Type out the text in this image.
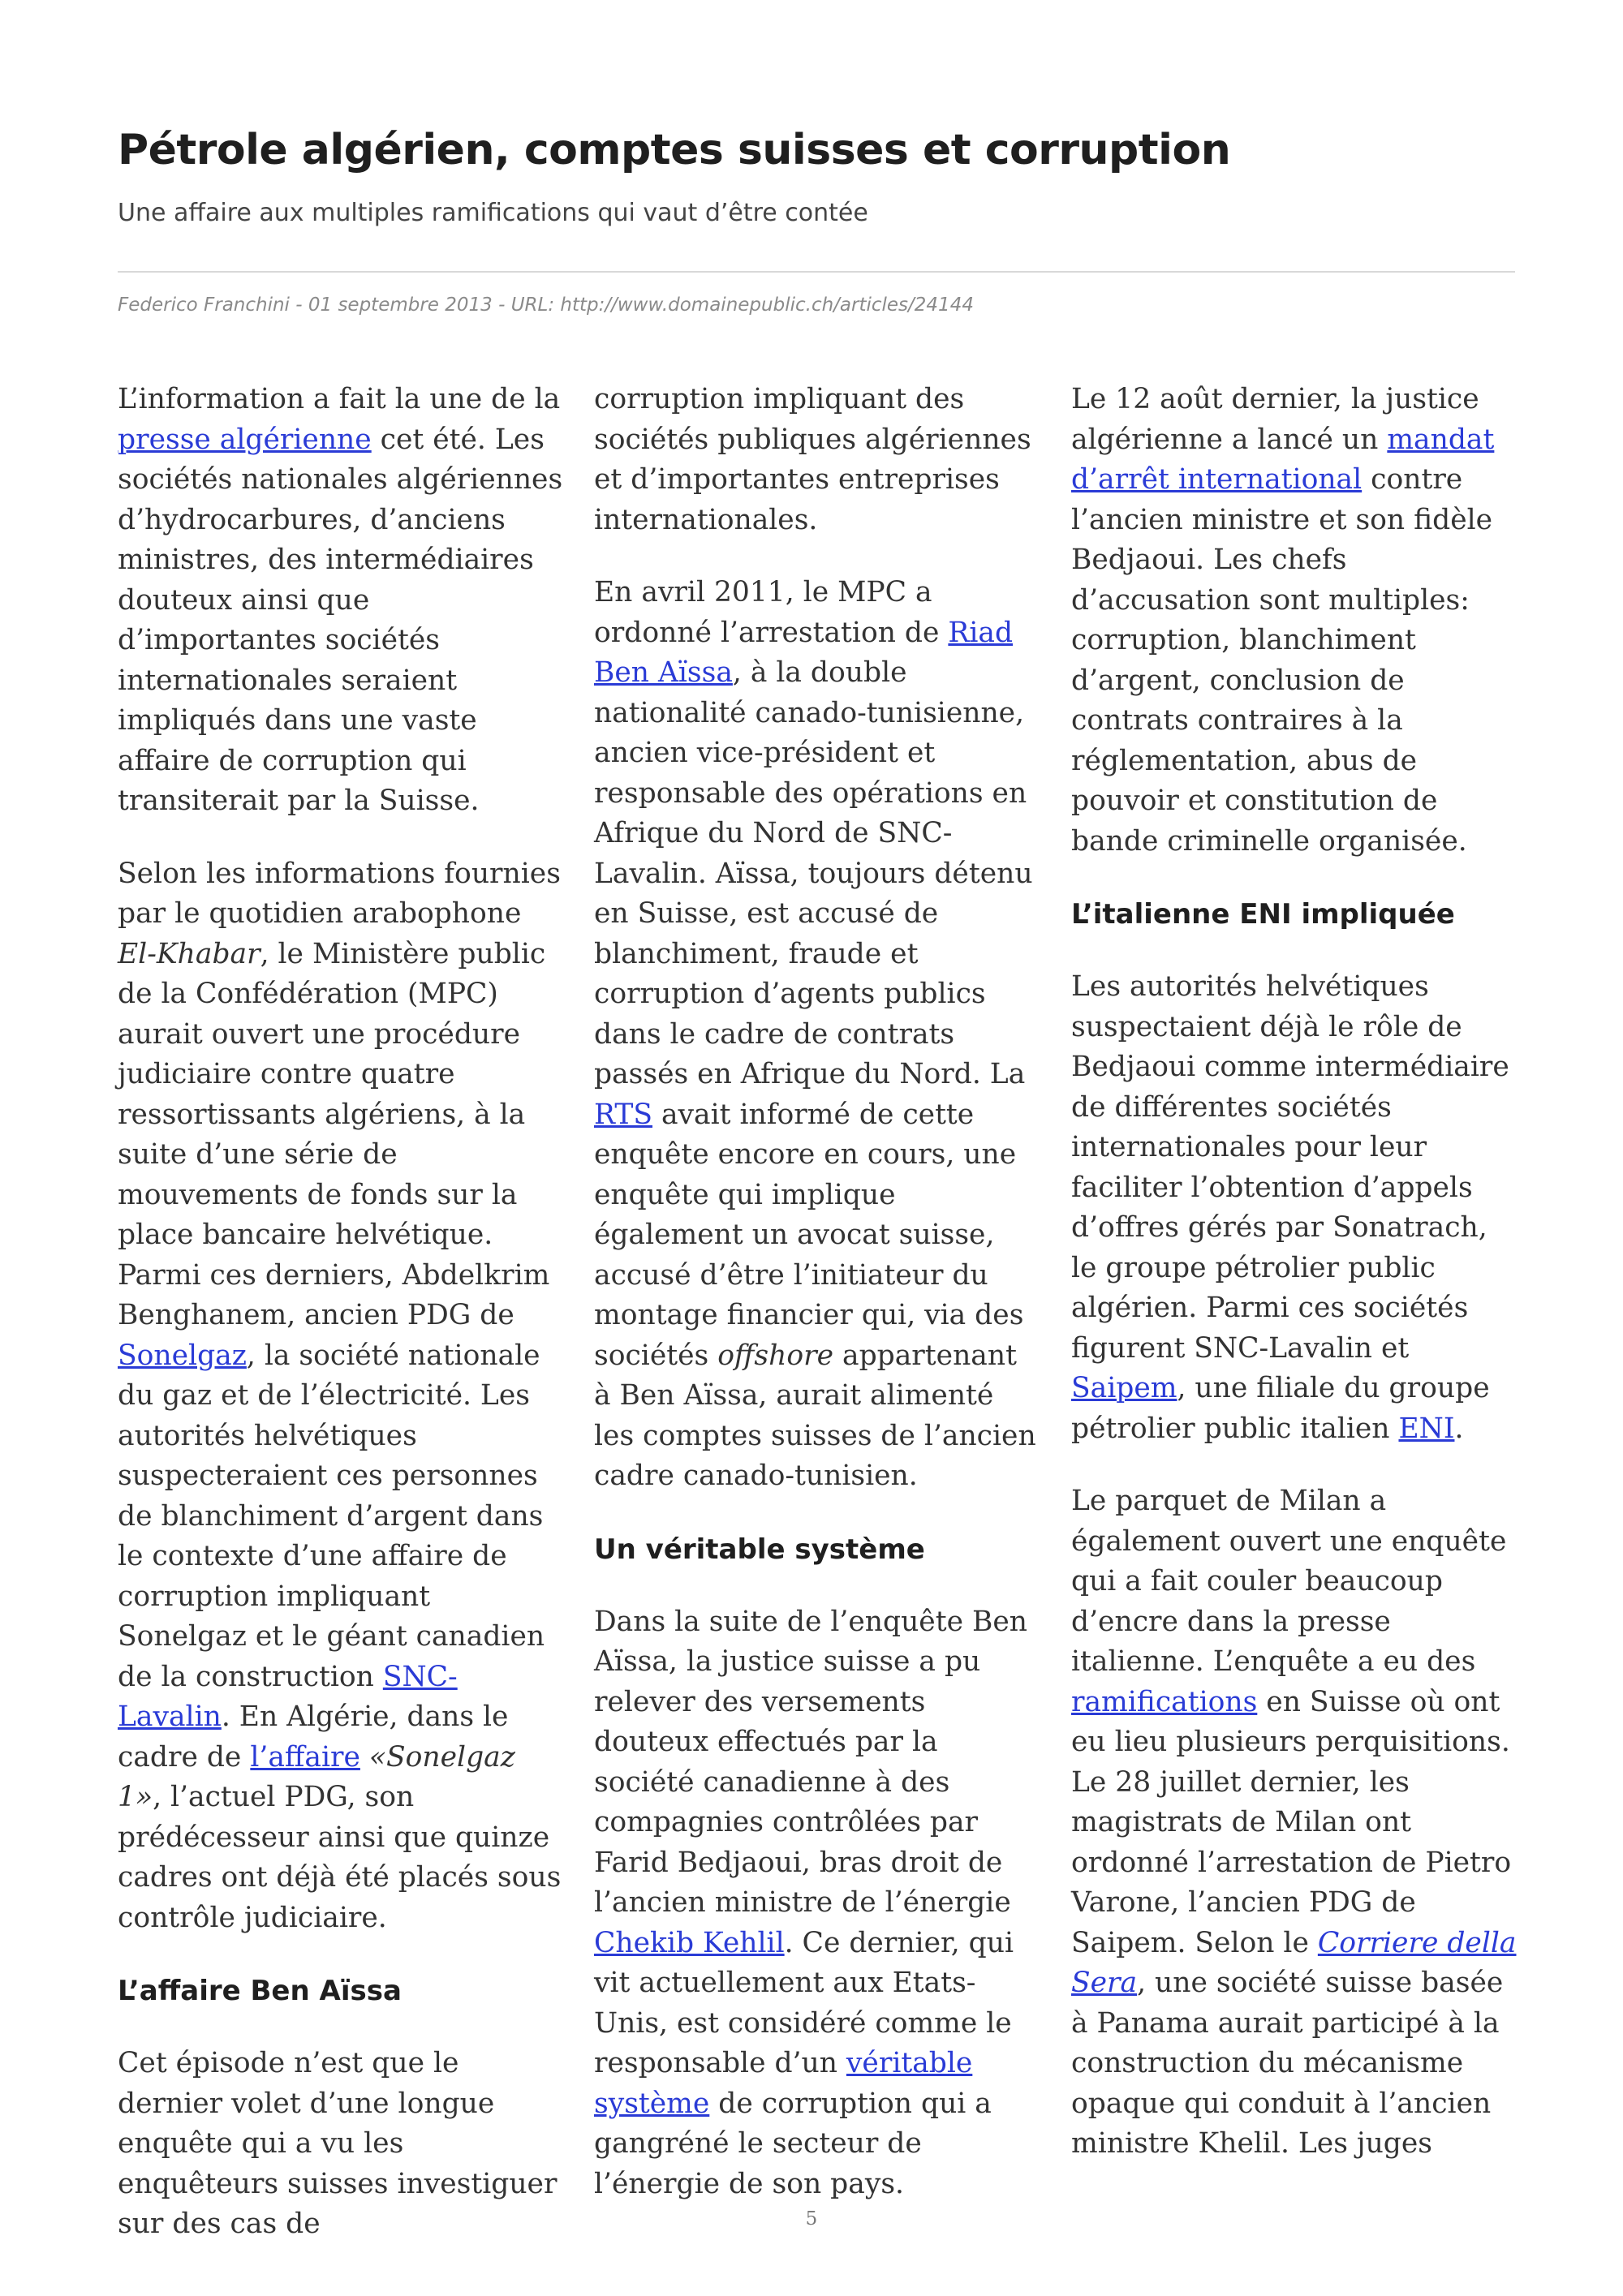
Pétrole algérien, comptes suisses et corruption
Une affaire aux multiples ramifications qui vaut d’être contée
Federico Franchini - 01 septembre 2013 - URL: http://www.domainepublic.ch/articles/24144

L’information a fait la une de la presse algérienne cet été. Les sociétés nationales algériennes d’hydrocarbures, d’anciens ministres, des intermédiaires douteux ainsi que d’importantes sociétés internationales seraient impliqués dans une vaste affaire de corruption qui transiterait par la Suisse.

Selon les informations fournies par le quotidien arabophone El-Khabar, le Ministère public de la Confédération (MPC) aurait ouvert une procédure judiciaire contre quatre ressortissants algériens, à la suite d’une série de mouvements de fonds sur la place bancaire helvétique. Parmi ces derniers, Abdelkrim Benghanem, ancien PDG de Sonelgaz, la société nationale du gaz et de l’électricité. Les autorités helvétiques suspecteraient ces personnes de blanchiment d’argent dans le contexte d’une affaire de corruption impliquant Sonelgaz et le géant canadien de la construction SNC-Lavalin. En Algérie, dans le cadre de l’affaire «Sonelgaz 1», l’actuel PDG, son prédécesseur ainsi que quinze cadres ont déjà été placés sous contrôle judiciaire.

L’affaire Ben Aïssa

Cet épisode n’est que le dernier volet d’une longue enquête qui a vu les enquêteurs suisses investiguer sur des cas de

corruption impliquant des sociétés publiques algériennes et d’importantes entreprises internationales.

En avril 2011, le MPC a ordonné l’arrestation de Riad Ben Aïssa, à la double nationalité canado-tunisienne, ancien vice-président et responsable des opérations en Afrique du Nord de SNC-Lavalin. Aïssa, toujours détenu en Suisse, est accusé de blanchiment, fraude et corruption d’agents publics dans le cadre de contrats passés en Afrique du Nord. La RTS avait informé de cette enquête encore en cours, une enquête qui implique également un avocat suisse, accusé d’être l’initiateur du montage financier qui, via des sociétés offshore appartenant à Ben Aïssa, aurait alimenté les comptes suisses de l’ancien cadre canado-tunisien.

Un véritable système

Dans la suite de l’enquête Ben Aïssa, la justice suisse a pu relever des versements douteux effectués par la société canadienne à des compagnies contrôlées par Farid Bedjaoui, bras droit de l’ancien ministre de l’énergie Chekib Kehlil. Ce dernier, qui vit actuellement aux Etats-Unis, est considéré comme le responsable d’un véritable système de corruption qui a gangréné le secteur de l’énergie de son pays.

Le 12 août dernier, la justice algérienne a lancé un mandat d’arrêt international contre l’ancien ministre et son fidèle Bedjaoui. Les chefs d’accusation sont multiples: corruption, blanchiment d’argent, conclusion de contrats contraires à la réglementation, abus de pouvoir et constitution de bande criminelle organisée.

L’italienne ENI impliquée

Les autorités helvétiques suspectaient déjà le rôle de Bedjaoui comme intermédiaire de différentes sociétés internationales pour leur faciliter l’obtention d’appels d’offres gérés par Sonatrach, le groupe pétrolier public algérien. Parmi ces sociétés figurent SNC-Lavalin et Saipem, une filiale du groupe pétrolier public italien ENI.

Le parquet de Milan a également ouvert une enquête qui a fait couler beaucoup d’encre dans la presse italienne. L’enquête a eu des ramifications en Suisse où ont eu lieu plusieurs perquisitions. Le 28 juillet dernier, les magistrats de Milan ont ordonné l’arrestation de Pietro Varone, l’ancien PDG de Saipem. Selon le Corriere della Sera, une société suisse basée à Panama aurait participé à la construction du mécanisme opaque qui conduit à l’ancien ministre Khelil. Les juges

5
